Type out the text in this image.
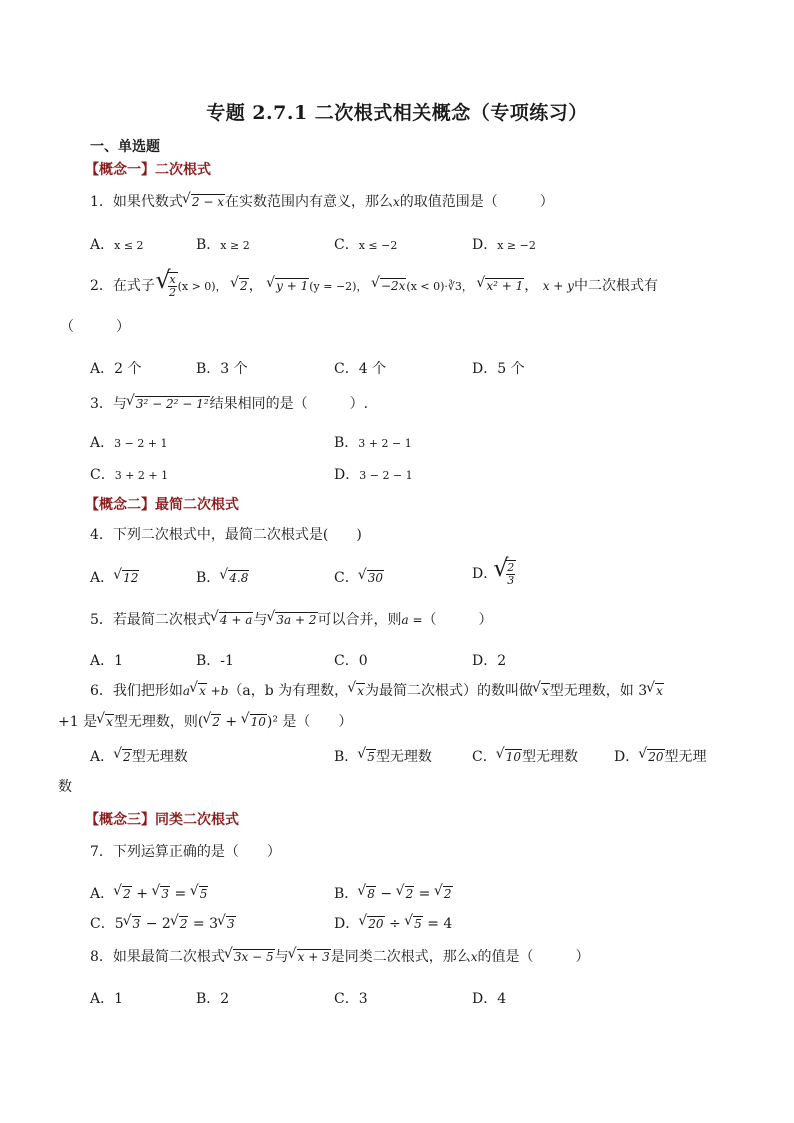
专题 2.7.1 二次根式相关概念（专项练习）
一、单选题
【概念一】二次根式
1．如果代数式 √ 2 − x在实数范围内有意义，那么x的取值范围是（　　　）
A．x ≤ 2	B．x ≥ 2	C．x ≤ −2	D．x ≥ −2
2．在式子 √ $\frac{x}{2} (x > 0)$， √ 2， √ y + 1(y = −2)， √ −2x(x < 0)·∛3， √ x² + 1， x + y中二次根式有
（　　　）
A．2 个	B．3 个	C．4 个	D．5 个
3．与 √ 3² − 2² − 1²结果相同的是（　　　）.
A．3 − 2 + 1	B．3 + 2 − 1
C．3 + 2 + 1	D．3 − 2 − 1
【概念二】最简二次根式
4．下列二次根式中，最简二次根式是(　　)
A． √ 12	B． √ 4.8	C． √ 30	D． √ $\frac{2}{3}$
5．若最简二次根式 √ 4 + a与 √ 3a + 2可以合并，则a =（　　　）
A．1	B．-1	C．0	D．2
6．我们把形如a √ x +b（a，b 为有理数， √ x为最简二次根式）的数叫做 √ x型无理数，如 3 √ x
+1 是 √ x型无理数，则( √ 2 + √ 10)² 是（　　）
A． √ 2型无理数	B． √ 5型无理数	C． √ 10型无理数	D． √ 20型无理
数
【概念三】同类二次根式
7．下列运算正确的是（　　）
A． √ 2 + √ 3 = √ 5	B． √ 8 − √ 2 = √ 2
C．5 √ 3 − 2 √ 2 = 3 √ 3	D． √ 20 ÷ √ 5 = 4
8．如果最简二次根式 √ 3x − 5与 √ x + 3是同类二次根式，那么x的值是（　　　）
A．1	B．2	C．3	D．4
